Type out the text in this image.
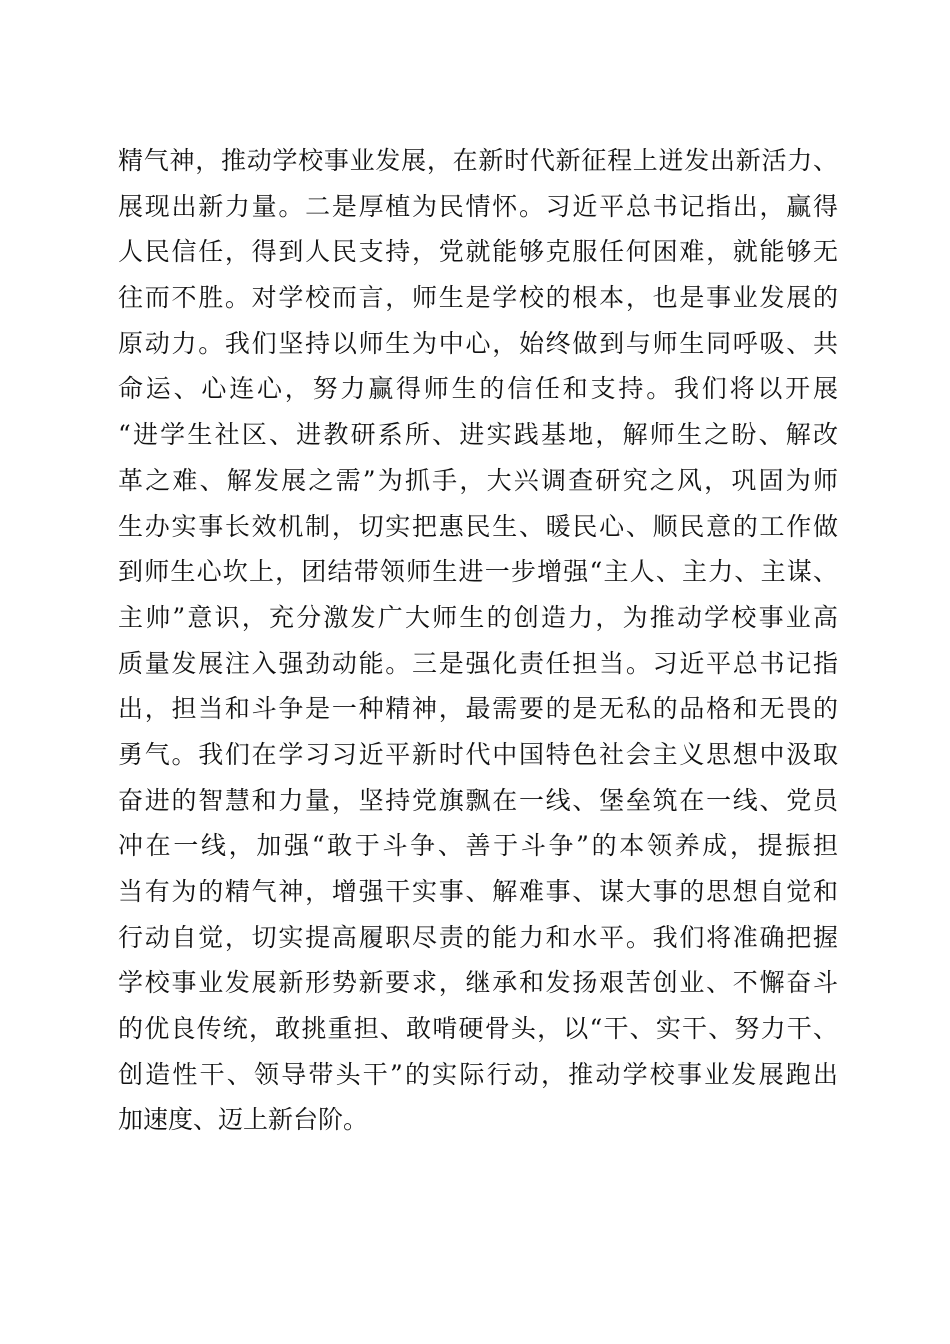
精气神，推动学校事业发展，在新时代新征程上迸发出新活力、
展现出新力量。二是厚植为民情怀。习近平总书记指出，赢得
人民信任，得到人民支持，党就能够克服任何困难，就能够无
往而不胜。对学校而言，师生是学校的根本，也是事业发展的
原动力。我们坚持以师生为中心，始终做到与师生同呼吸、共
命运、心连心，努力赢得师生的信任和支持。我们将以开展
“进学生社区、进教研系所、进实践基地，解师生之盼、解改
革之难、解发展之需”为抓手，大兴调查研究之风，巩固为师
生办实事长效机制，切实把惠民生、暖民心、顺民意的工作做
到师生心坎上，团结带领师生进一步增强“主人、主力、主谋、
主帅”意识，充分激发广大师生的创造力，为推动学校事业高
质量发展注入强劲动能。三是强化责任担当。习近平总书记指
出，担当和斗争是一种精神，最需要的是无私的品格和无畏的
勇气。我们在学习习近平新时代中国特色社会主义思想中汲取
奋进的智慧和力量，坚持党旗飘在一线、堡垒筑在一线、党员
冲在一线，加强“敢于斗争、善于斗争”的本领养成，提振担
当有为的精气神，增强干实事、解难事、谋大事的思想自觉和
行动自觉，切实提高履职尽责的能力和水平。我们将准确把握
学校事业发展新形势新要求，继承和发扬艰苦创业、不懈奋斗
的优良传统，敢挑重担、敢啃硬骨头，以“干、实干、努力干、
创造性干、领导带头干”的实际行动，推动学校事业发展跑出
加速度、迈上新台阶。
